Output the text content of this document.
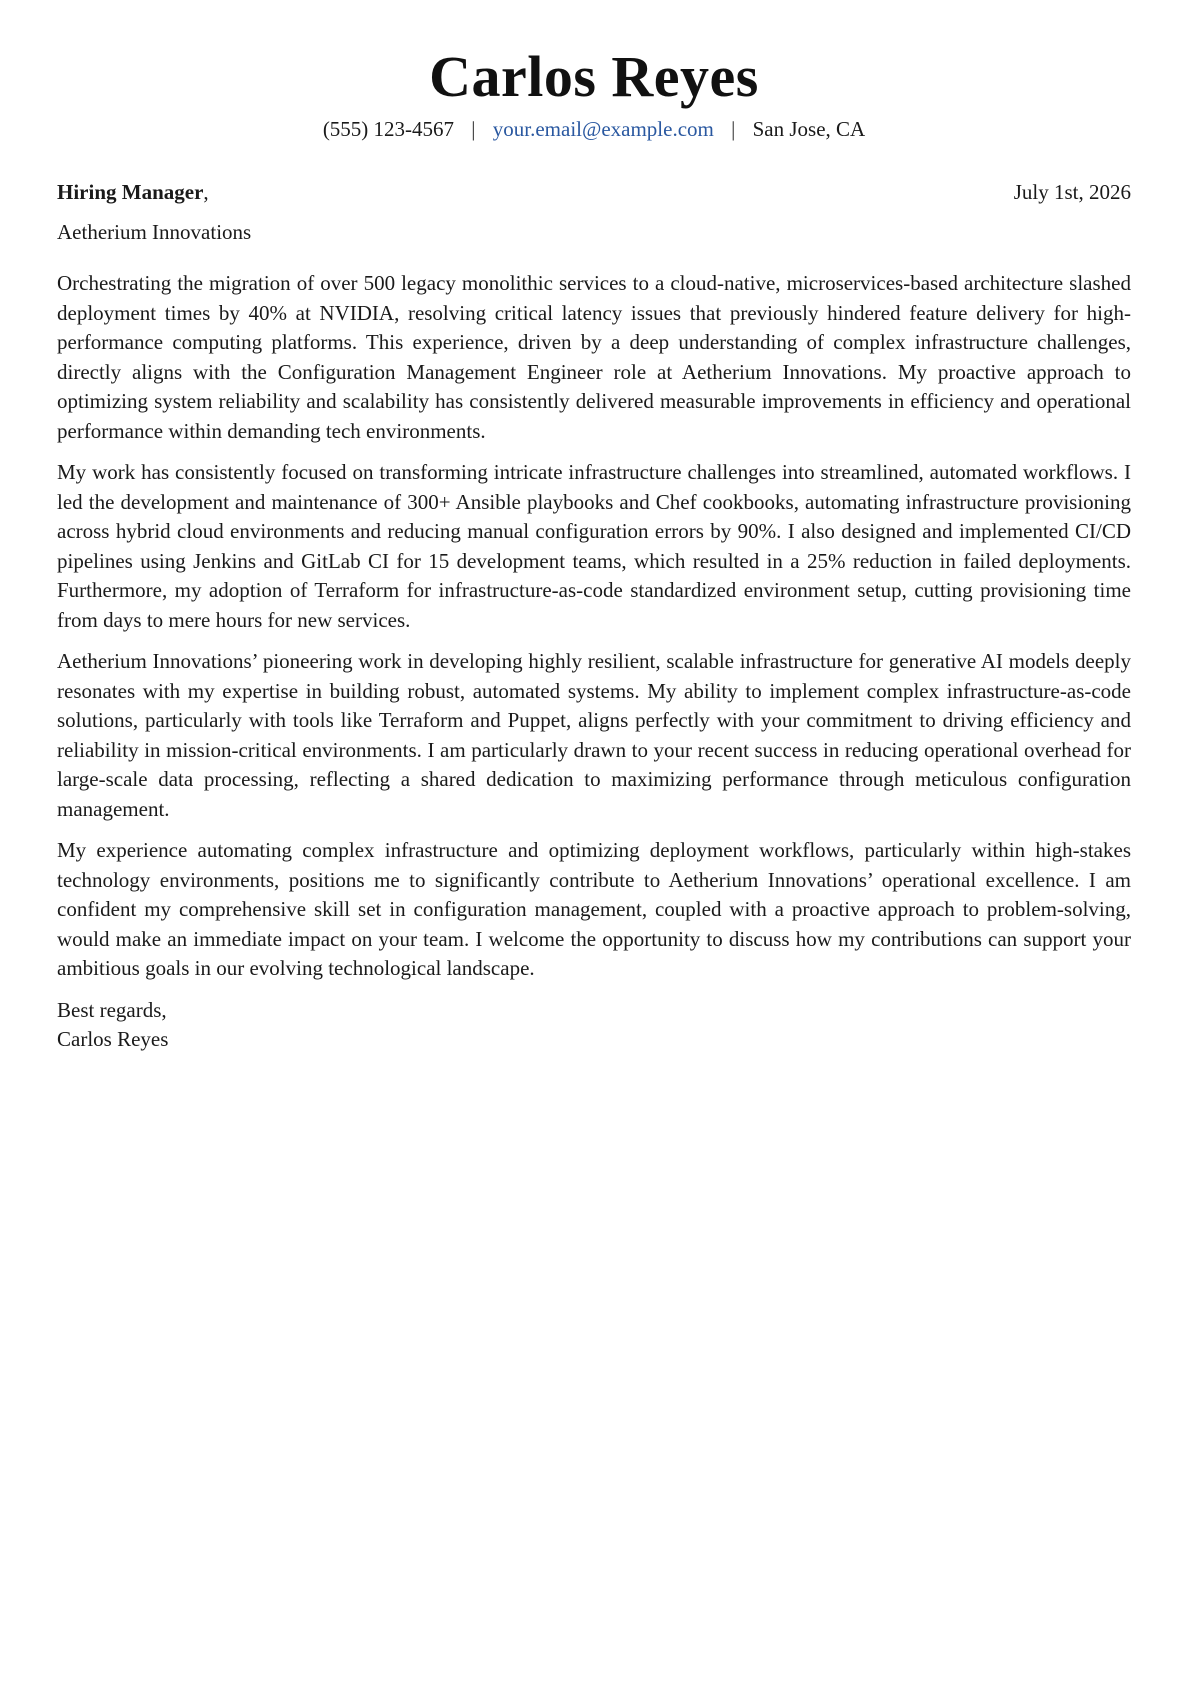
Carlos Reyes
(555) 123-4567 | your.email@example.com | San Jose, CA
Hiring Manager,	July 1st, 2026
Aetherium Innovations

Orchestrating the migration of over 500 legacy monolithic services to a cloud-native, microservices-based architecture slashed deployment times by 40% at NVIDIA, resolving critical latency issues that previously hindered feature delivery for high-performance computing platforms. This experience, driven by a deep understanding of complex infrastructure challenges, directly aligns with the Configuration Management Engineer role at Aetherium Innovations. My proactive approach to optimizing system reliability and scalability has consistently delivered measurable improvements in efficiency and operational performance within demanding tech environments.

My work has consistently focused on transforming intricate infrastructure challenges into streamlined, automated workflows. I led the development and maintenance of 300+ Ansible playbooks and Chef cookbooks, automating infrastructure provisioning across hybrid cloud environments and reducing manual configuration errors by 90%. I also designed and implemented CI/CD pipelines using Jenkins and GitLab CI for 15 development teams, which resulted in a 25% reduction in failed deployments. Furthermore, my adoption of Terraform for infrastructure-as-code standardized environment setup, cutting provisioning time from days to mere hours for new services.

Aetherium Innovations’ pioneering work in developing highly resilient, scalable infrastructure for generative AI models deeply resonates with my expertise in building robust, automated systems. My ability to implement complex infrastructure-as-code solutions, particularly with tools like Terraform and Puppet, aligns perfectly with your commitment to driving efficiency and reliability in mission-critical environments. I am particularly drawn to your recent success in reducing operational overhead for large-scale data processing, reflecting a shared dedication to maximizing performance through meticulous configuration management.

My experience automating complex infrastructure and optimizing deployment workflows, particularly within high-stakes technology environments, positions me to significantly contribute to Aetherium Innovations’ operational excellence. I am confident my comprehensive skill set in configuration management, coupled with a proactive approach to problem-solving, would make an immediate impact on your team. I welcome the opportunity to discuss how my contributions can support your ambitious goals in our evolving technological landscape.

Best regards,
Carlos Reyes
